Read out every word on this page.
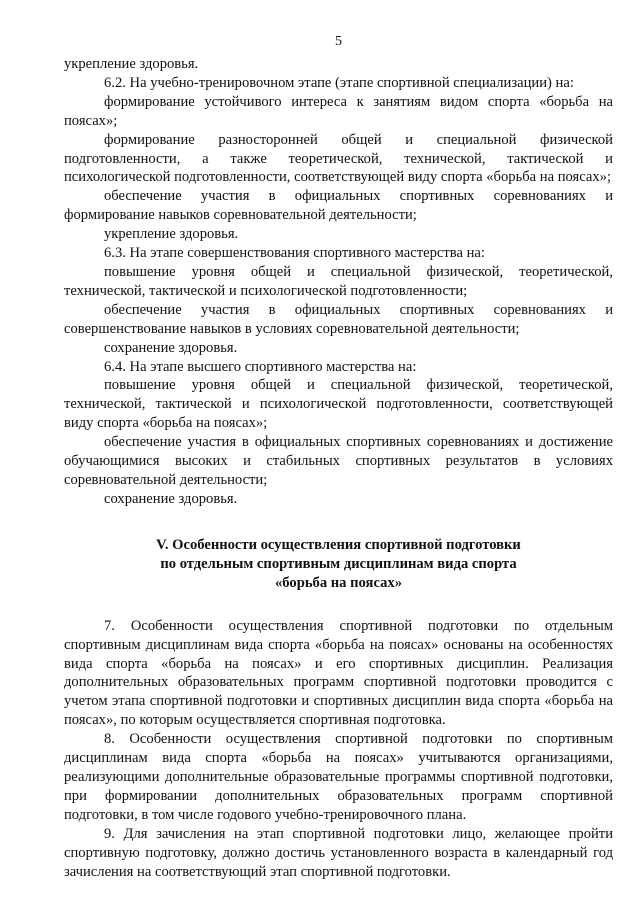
5

укрепление здоровья.

6.2. На учебно-тренировочном этапе (этапе спортивной специализации) на:

формирование устойчивого интереса к занятиям видом спорта «борьба на поясах»;

формирование разносторонней общей и специальной физической подготовленности, а также теоретической, технической, тактической и психологической подготовленности, соответствующей виду спорта «борьба на поясах»;

обеспечение участия в официальных спортивных соревнованиях и формирование навыков соревновательной деятельности;

укрепление здоровья.

6.3. На этапе совершенствования спортивного мастерства на:

повышение уровня общей и специальной физической, теоретической, технической, тактической и психологической подготовленности;

обеспечение участия в официальных спортивных соревнованиях и совершенствование навыков в условиях соревновательной деятельности;

сохранение здоровья.

6.4. На этапе высшего спортивного мастерства на:

повышение уровня общей и специальной физической, теоретической, технической, тактической и психологической подготовленности, соответствующей виду спорта «борьба на поясах»;

обеспечение участия в официальных спортивных соревнованиях и достижение обучающимися высоких и стабильных спортивных результатов в условиях соревновательной деятельности;

сохранение здоровья.

V. Особенности осуществления спортивной подготовки
по отдельным спортивным дисциплинам вида спорта
«борьба на поясах»

7. Особенности осуществления спортивной подготовки по отдельным спортивным дисциплинам вида спорта «борьба на поясах» основаны на особенностях вида спорта «борьба на поясах» и его спортивных дисциплин. Реализация дополнительных образовательных программ спортивной подготовки проводится с учетом этапа спортивной подготовки и спортивных дисциплин вида спорта «борьба на поясах», по которым осуществляется спортивная подготовка.

8. Особенности осуществления спортивной подготовки по спортивным дисциплинам вида спорта «борьба на поясах» учитываются организациями, реализующими дополнительные образовательные программы спортивной подготовки, при формировании дополнительных образовательных программ спортивной подготовки, в том числе годового учебно-тренировочного плана.

9. Для зачисления на этап спортивной подготовки лицо, желающее пройти спортивную подготовку, должно достичь установленного возраста в календарный год зачисления на соответствующий этап спортивной подготовки.
